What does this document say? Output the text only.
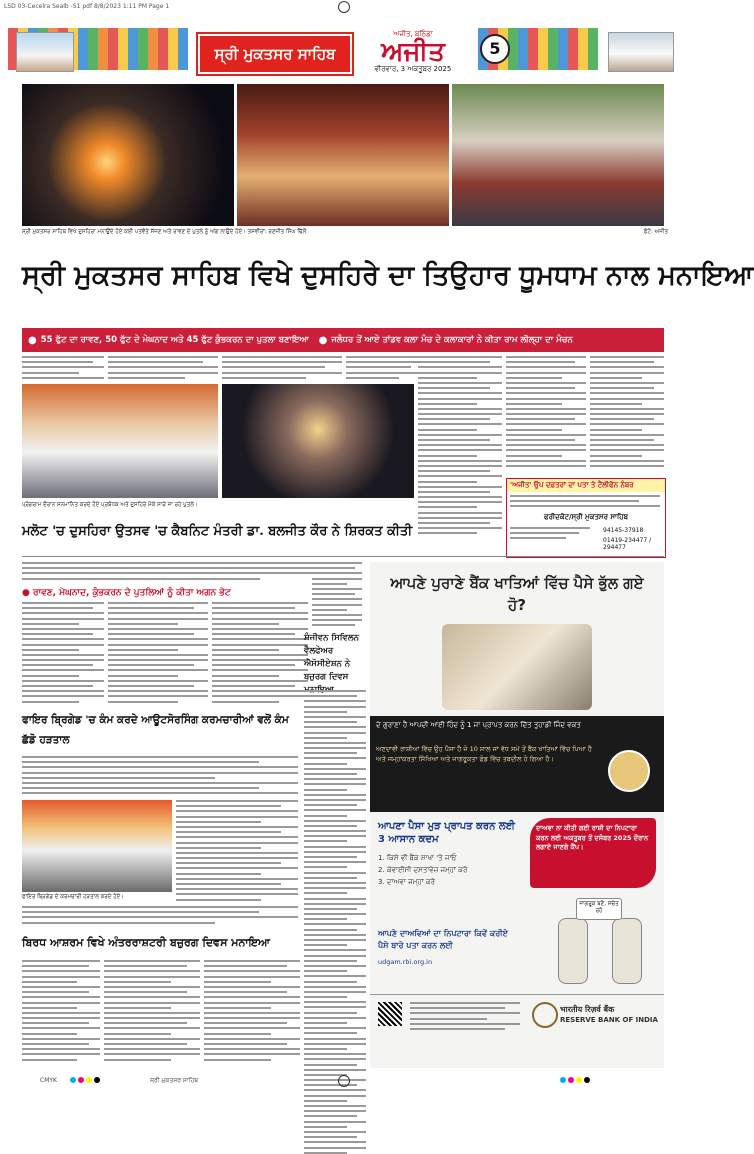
LSD 03-Cecelra Sealb -S1 pdf 8/8/2023 1:11 PM Page 1
ਸ੍ਰੀ ਮੁਕਤਸਰ ਸਾਹਿਬ
ਅਜੀਤ, ਬਠਿੰਡਾ
ਅਜੀਤ
ਵੀਰਵਾਰ, 3 ਅਕਤੂਬਰ 2025
5
ਸ੍ਰੀ ਮੁਕਤਸਰ ਸਾਹਿਬ ਵਿਖੇ ਦੁਸਹਿਰਾ ਮਨਾਉਂਦੇ ਹੋਏ ਕਈ ਪਤਵੰਤੇ ਸੱਜਣ ਅਤੇ ਰਾਵਣ ਦੇ ਪੁਤਲੇ ਨੂੰ ਅੱਗ ਲਾਉਂਦੇ ਹੋਏ। ਤਸਵੀਰਾਂ: ਰਣਜੀਤ ਸਿੰਘ ਢਿੱਲੋਂ	ਫੋਟੋ: ਅਜੀਤ
ਸ੍ਰੀ ਮੁਕਤਸਰ ਸਾਹਿਬ ਵਿਖੇ ਦੁਸਹਿਰੇ ਦਾ ਤਿਉਹਾਰ ਧੂਮਧਾਮ ਨਾਲ ਮਨਾਇਆ
● 55 ਫੁੱਟ ਦਾ ਰਾਵਣ, 50 ਫੁੱਟ ਦੇ ਮੇਘਨਾਦ ਅਤੇ 45 ਫੁੱਟ ਕੁੰਭਕਰਨ ਦਾ ਪੁਤਲਾ ਬਣਾਇਆ ● ਜਲੰਧਰ ਤੋਂ ਆਏ ਤਾਂਡਵ ਕਲਾ ਮੰਚ ਦੇ ਕਲਾਕਾਰਾਂ ਨੇ ਕੀਤਾ ਰਾਮ ਲੀਲ੍ਹਾ ਦਾ ਮੰਚਨ
ਪ੍ਰੋਗਰਾਮ ਦੌਰਾਨ ਸਨਮਾਨਿਤ ਕਰਦੇ ਹੋਏ ਪ੍ਰਬੰਧਕ ਅਤੇ ਦੁਸਹਿਰੇ ਮੌਕੇ ਸਾੜੇ ਜਾ ਰਹੇ ਪੁਤਲੇ।
'ਅਜੀਤ' ਉਪ ਦਫ਼ਤਰਾਂ ਦਾ ਪਤਾ ਤੇ ਟੈਲੀਫੋਨ ਨੰਬਰ
ਫਰੀਦਕੋਟ/ਸ੍ਰੀ ਮੁਕਤਸਰ ਸਾਹਿਬ
94145-37918
01419-234477 / 294477
ਮਲੋਟ 'ਚ ਦੁਸਹਿਰਾ ਉਤਸਵ 'ਚ ਕੈਬਨਿਟ ਮੰਤਰੀ ਡਾ. ਬਲਜੀਤ ਕੌਰ ਨੇ ਸ਼ਿਰਕਤ ਕੀਤੀ
● ਰਾਵਣ, ਮੇਘਨਾਦ, ਕੁੰਭਕਰਨ ਦੇ ਪੁਤਲਿਆਂ ਨੂੰ ਕੀਤਾ ਅਗਨ ਭੇਟ
ਸੰਜੀਵਨ ਸਿਵਿਲਨ ਵੈਲਫੇਅਰ ਐਸੋਸੀਏਸ਼ਨ ਨੇ ਬਜ਼ੁਰਗ ਦਿਵਸ
ਫਾਇਰ ਬ੍ਰਿਗੇਡ 'ਚ ਕੰਮ ਕਰਦੇ ਆਊਟਸੋਰਸਿੰਗ ਕਰਮਚਾਰੀਆਂ ਵਲੋਂ ਕੰਮ ਛੱਡੋ ਹੜਤਾਲ
ਫਾਇਰ ਬ੍ਰਿਗੇਡ ਦੇ ਕਰਮਚਾਰੀ ਹੜਤਾਲ ਕਰਦੇ ਹੋਏ।
ਬਿਰਧ ਆਸ਼ਰਮ ਵਿਖੇ ਅੰਤਰਰਾਸ਼ਟਰੀ ਬਜ਼ੁਰਗ ਦਿਵਸ ਮਨਾਇਆ
ਆਪਣੇ ਪੁਰਾਣੇ ਬੈਂਕ ਖਾਤਿਆਂ ਵਿੱਚ ਪੈਸੇ ਭੁੱਲ ਗਏ ਹੋ?
ਦੇ ਗੁਰਾਣਾ ਹੈ ਆਪਦੀ ਆਈ ਹਿੰਦ ਨੂੰ 1 ਜਾ ਪ੍ਰਾਪਤ ਕਰਨ ਦਿੱਤ ਤੁਹਾਡੀ ਜਿੰਦ ਵਕਤ
ਅਣਦਾਵੀ ਰਾਸ਼ੀਆਂ ਵਿੱਚ ਉਹ ਪੈਸਾ ਹੈ ਜੋ 10 ਸਾਲ ਜਾਂ ਵੱਧ ਸਮੇਂ ਤੋਂ ਬੈਂਕ ਖਾਤਿਆਂ ਵਿੱਚ ਪਿਆ ਹੈ ਅਤੇ ਜਮ੍ਹਾਂਕਰਤਾ ਸਿੱਖਿਆ ਅਤੇ ਜਾਗਰੂਕਤਾ ਫੰਡ ਵਿੱਚ ਤਬਦੀਲ ਹੋ ਗਿਆ ਹੈ।
ਆਪਣਾ ਪੈਸਾ ਮੁੜ ਪ੍ਰਾਪਤ ਕਰਨ ਲਈ 3 ਆਸਾਨ ਕਦਮ
1. ਕਿਸੇ ਵੀ ਬੈਂਕ ਸ਼ਾਖਾ 'ਤੇ ਜਾਓ
2. ਕੇਵਾਈਸੀ ਦਸਤਾਵੇਜ਼ ਜਮ੍ਹਾਂ ਕਰੋ
3. ਦਾਅਵਾ ਜਮ੍ਹਾਂ ਕਰੋ
ਦਾਅਵਾ ਨਾ ਕੀਤੀ ਗਈ ਰਾਸ਼ੀ ਦਾ ਨਿਪਟਾਰਾ ਕਰਨ ਲਈ ਅਕਤੂਬਰ ਤੋਂ ਦਸੰਬਰ 2025 ਦੌਰਾਨ ਲਗਾਏ ਜਾਣਗੇ ਕੈਂਪ।
ਆਪਣੇ ਦਾਅਵਿਆਂ ਦਾ ਨਿਪਟਾਰਾ ਕਿਵੇਂ ਕਰੀਏ ਪੈਸੇ ਬਾਰੇ ਪਤਾ ਕਰਨ ਲਈ
udgam.rbi.org.in
ਜਾਗਰੂਕ ਬਣੋ, ਸਚੇਤ ਰਹੋ
भारतीय रिज़र्व बैंक
RESERVE BANK OF INDIA
CMYK	ਸ੍ਰੀ ਮੁਕਤਸਰ ਸਾਹਿਬ
